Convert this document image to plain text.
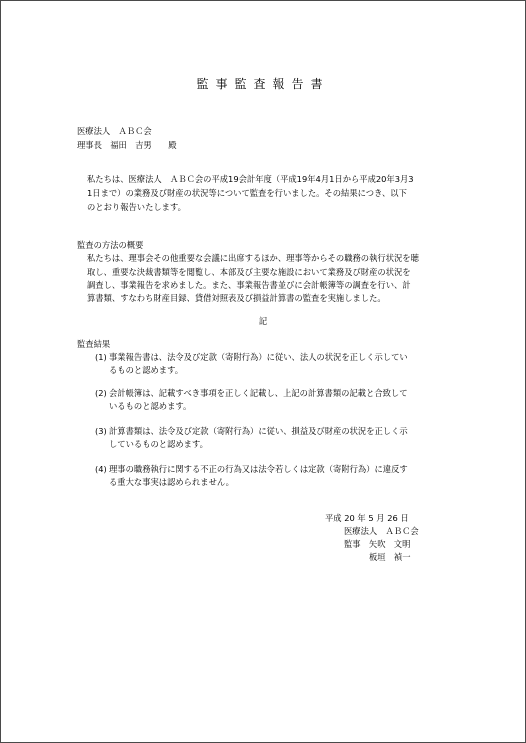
監事監査報告書
医療法人　ＡＢＣ会
理事長　福田　吉男　　殿
私たちは、医療法人　ＡＢＣ会の平成19会計年度（平成19年4月1日から平成20年3月3
1日まで）の業務及び財産の状況等について監査を行いました。その結果につき、以下
のとおり報告いたします。
監査の方法の概要
私たちは、理事会その他重要な会議に出席するほか、理事等からその職務の執行状況を聴
取し、重要な決裁書類等を閲覧し、本部及び主要な施設において業務及び財産の状況を
調査し、事業報告を求めました。また、事業報告書並びに会計帳簿等の調査を行い、計
算書類、すなわち財産目録、貸借対照表及び損益計算書の監査を実施しました。
記
監査結果
(1) 事業報告書は、法令及び定款（寄附行為）に従い、法人の状況を正しく示してい
るものと認めます。
(2) 会計帳簿は、記載すべき事項を正しく記載し、上記の計算書類の記載と合致して
いるものと認めます。
(3) 計算書類は、法令及び定款（寄附行為）に従い、損益及び財産の状況を正しく示
しているものと認めます。
(4) 理事の職務執行に関する不正の行為又は法令若しくは定款（寄附行為）に違反す
る重大な事実は認められません。
平成 20 年 5 月 26 日
医療法人　ＡＢＣ会
監事　矢吹　文明
板垣　禎一
